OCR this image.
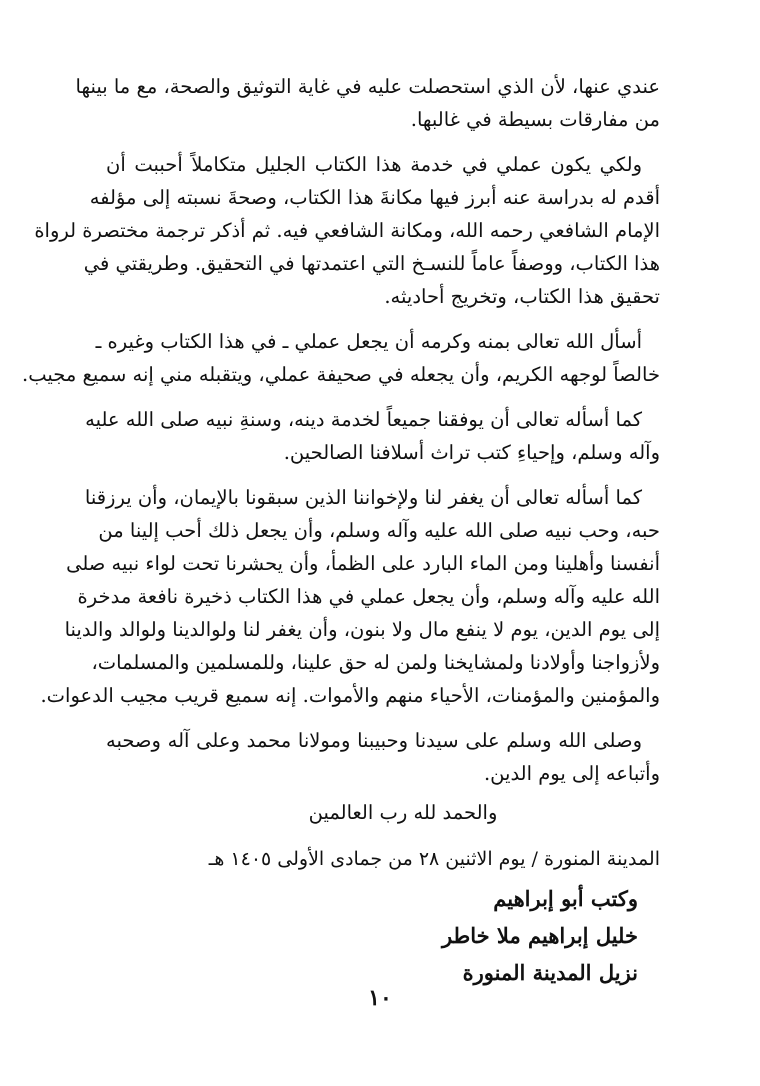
عندي عنها، لأن الذي استحصلت عليه في غاية التوثيق والصحة، مع ما بينها
من مفارقات بسيطة في غالبها.

ولكي يكون عملي في خدمة هذا الكتاب الجليل متكاملاً أحببت أن
أقدم له بدراسة عنه أبرز فيها مكانةَ هذا الكتاب، وصحةَ نسبته إلى مؤلفه
الإمام الشافعي رحمه الله، ومكانة الشافعي فيه. ثم أذكر ترجمة مختصرة لرواة
هذا الكتاب، ووصفاً عاماً للنسـخ التي اعتمدتها في التحقيق. وطريقتي في
تحقيق هذا الكتاب، وتخريج أحاديثه.

أسأل الله تعالى بمنه وكرمه أن يجعل عملي ـ في هذا الكتاب وغيره ـ
خالصاً لوجهه الكريم، وأن يجعله في صحيفة عملي، ويتقبله مني إنه سميع مجيب.

كما أسأله تعالى أن يوفقنا جميعاً لخدمة دينه، وسنةِ نبيه صلى الله عليه
وآله وسلم، وإحياءِ كتب تراث أسلافنا الصالحين.

كما أسأله تعالى أن يغفر لنا ولإخواننا الذين سبقونا بالإيمان، وأن يرزقنا
حبه، وحب نبيه صلى الله عليه وآله وسلم، وأن يجعل ذلك أحب إلينا من
أنفسنا وأهلينا ومن الماء البارد على الظمأ، وأن يحشرنا تحت لواء نبيه صلى
الله عليه وآله وسلم، وأن يجعل عملي في هذا الكتاب ذخيرة نافعة مدخرة
إلى يوم الدين، يوم لا ينفع مال ولا بنون، وأن يغفر لنا ولوالدينا ولوالد والدينا
ولأزواجنا وأولادنا ولمشايخنا ولمن له حق علينا، وللمسلمين والمسلمات،
والمؤمنين والمؤمنات، الأحياء منهم والأموات. إنه سميع قريب مجيب الدعوات.

وصلى الله وسلم على سيدنا وحبيبنا ومولانا محمد وعلى آله وصحبه
وأتباعه إلى يوم الدين.

والحمد لله رب العالمين
المدينة المنورة / يوم الاثنين ٢٨ من جمادى الأولى ١٤٠٥ هـ
وكتب أبو إبراهيم
خليل إبراهيم ملا خاطر
نزيل المدينة المنورة
١٠
